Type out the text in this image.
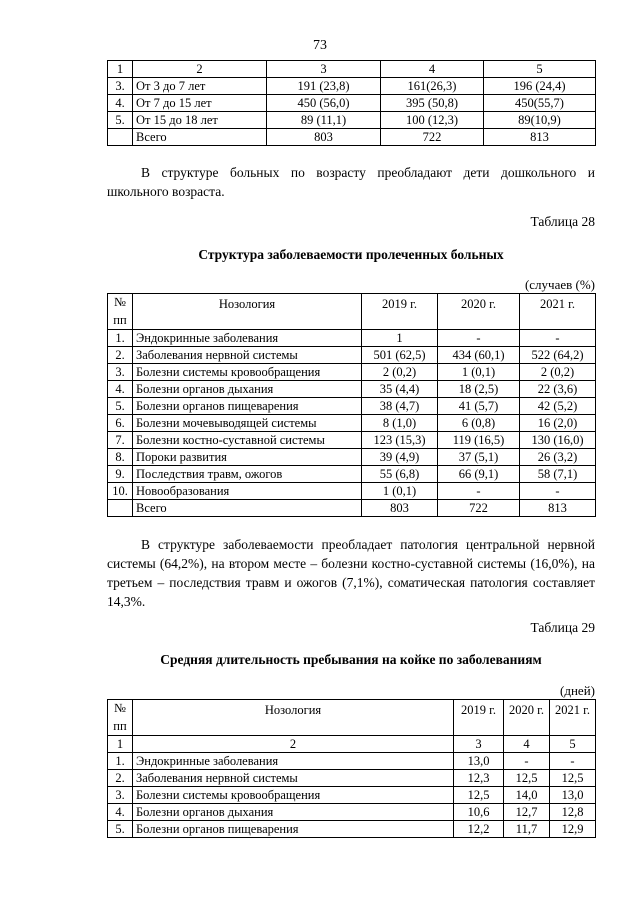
73
1	2	3	4	5
3.	От 3 до 7 лет	191 (23,8)	161(26,3)	196 (24,4)
4.	От 7 до 15 лет	450 (56,0)	395 (50,8)	450(55,7)
5.	От 15 до 18 лет	89 (11,1)	100 (12,3)	89(10,9)
	Всего	803	722	813

В структуре больных по возрасту преобладают дети дошкольного и школьного возраста.

Таблица 28
Структура заболеваемости пролеченных больных
(случаев (%)
№
пп	Нозология	2019 г.	2020 г.	2021 г.
1.	Эндокринные заболевания	1	-	-
2.	Заболевания нервной системы	501 (62,5)	434 (60,1)	522 (64,2)
3.	Болезни системы кровообращения	2 (0,2)	1 (0,1)	2 (0,2)
4.	Болезни органов дыхания	35 (4,4)	18 (2,5)	22 (3,6)
5.	Болезни органов пищеварения	38 (4,7)	41 (5,7)	42 (5,2)
6.	Болезни мочевыводящей системы	8 (1,0)	6 (0,8)	16 (2,0)
7.	Болезни костно-суставной системы	123 (15,3)	119 (16,5)	130 (16,0)
8.	Пороки развития	39 (4,9)	37 (5,1)	26 (3,2)
9.	Последствия травм, ожогов	55 (6,8)	66 (9,1)	58 (7,1)
10.	Новообразования	1 (0,1)	-	-
	Всего	803	722	813

В структуре заболеваемости преобладает патология центральной нервной системы (64,2%), на втором месте – болезни костно-суставной системы (16,0%), на третьем – последствия травм и ожогов (7,1%), соматическая патология составляет 14,3%.

Таблица 29
Средняя длительность пребывания на койке по заболеваниям
(дней)
№
пп	Нозология	2019 г.	2020 г.	2021 г.
1	2	3	4	5
1.	Эндокринные заболевания	13,0	-	-
2.	Заболевания нервной системы	12,3	12,5	12,5
3.	Болезни системы кровообращения	12,5	14,0	13,0
4.	Болезни органов дыхания	10,6	12,7	12,8
5.	Болезни органов пищеварения	12,2	11,7	12,9
